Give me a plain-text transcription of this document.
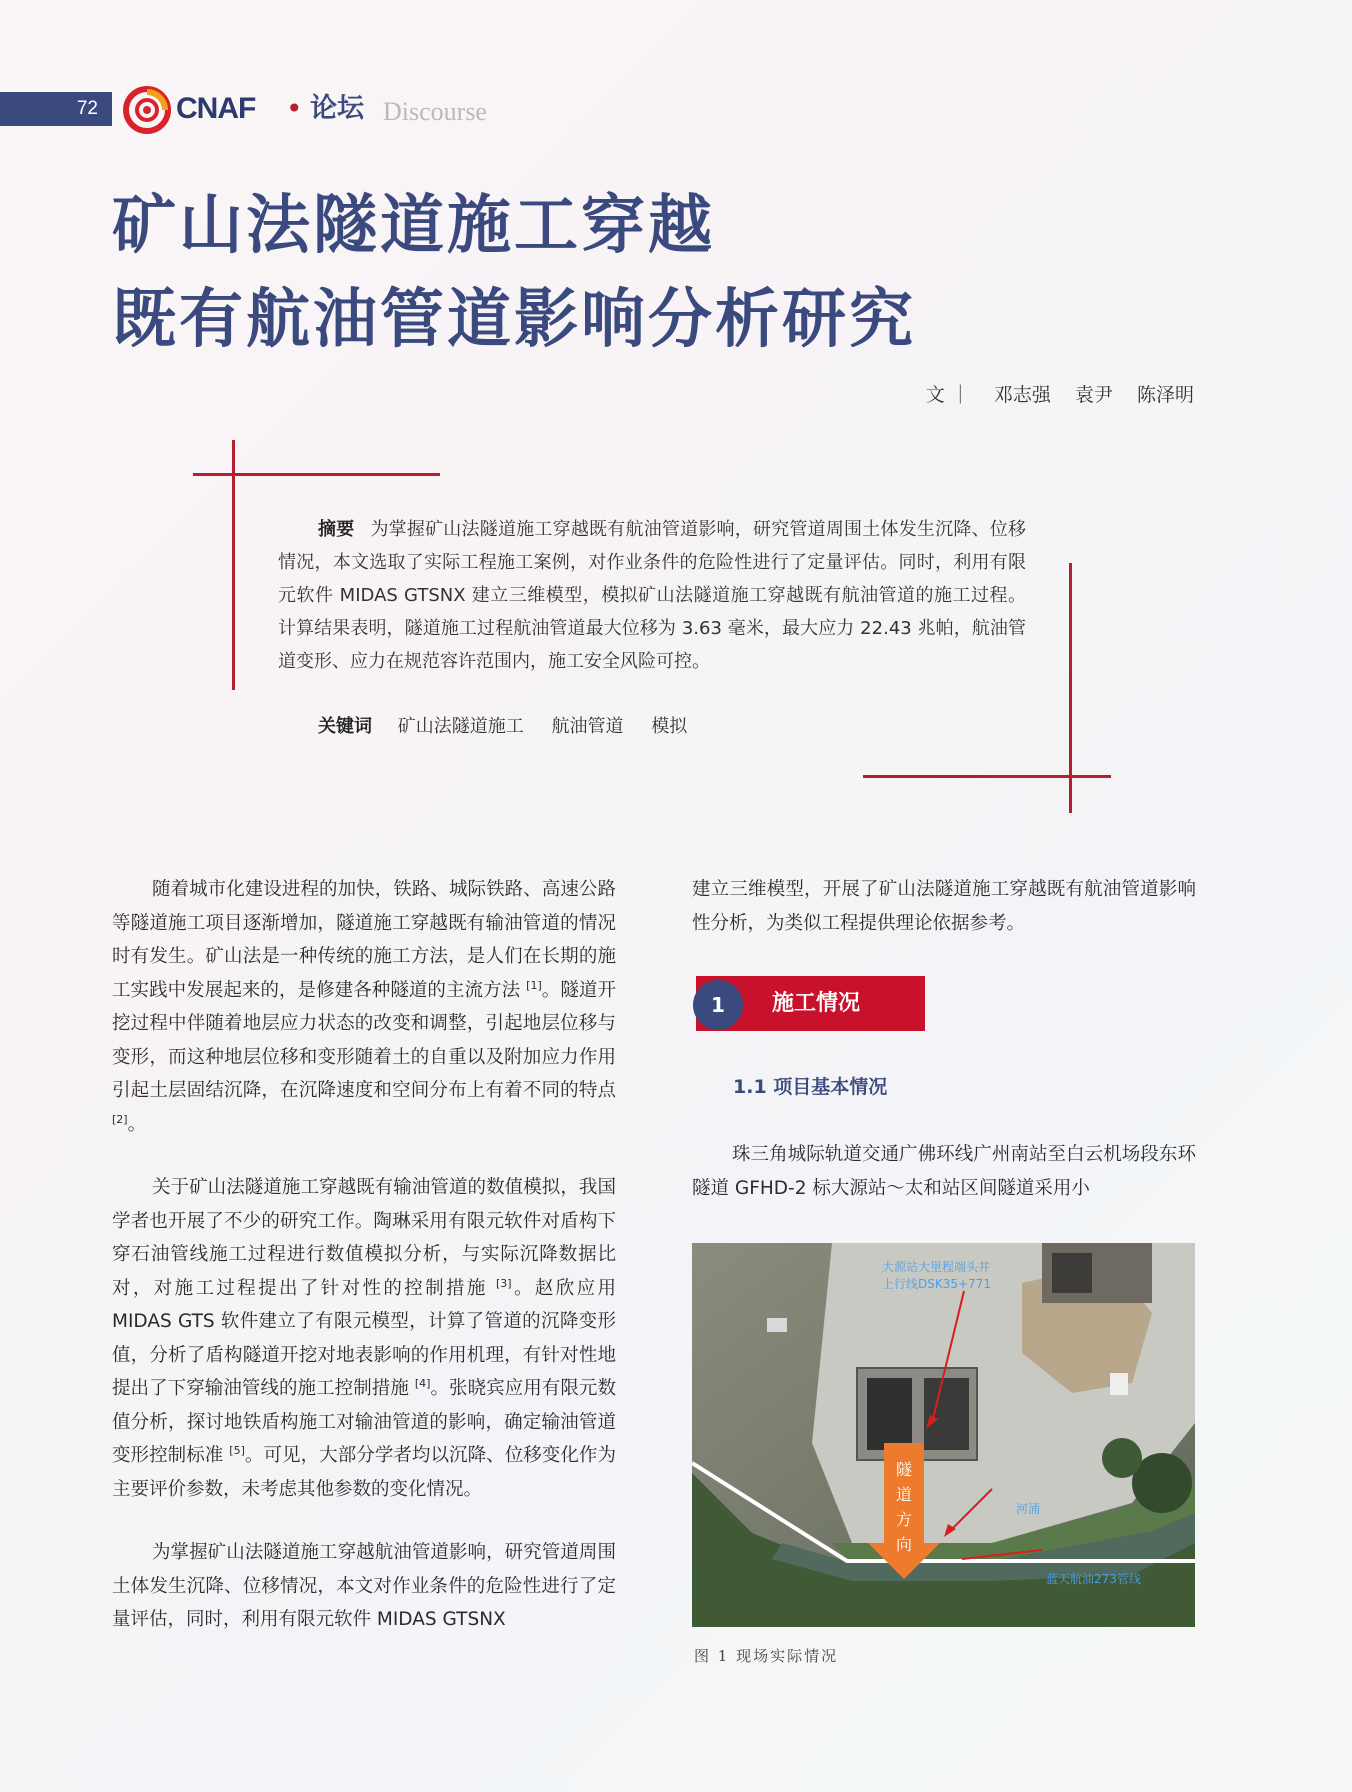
72	CNAF • 论坛 Discourse
矿山法隧道施工穿越
既有航油管道影响分析研究
文 ｜ 邓志强 袁尹 陈泽明
摘要 为掌握矿山法隧道施工穿越既有航油管道影响，研究管道周围土体发生沉降、位移情况，本文选取了实际工程施工案例，对作业条件的危险性进行了定量评估。同时，利用有限元软件 MIDAS GTSNX 建立三维模型，模拟矿山法隧道施工穿越既有航油管道的施工过程。计算结果表明，隧道施工过程航油管道最大位移为 3.63 毫米，最大应力 22.43 兆帕，航油管道变形、应力在规范容许范围内，施工安全风险可控。
关键词 矿山法隧道施工 航油管道 模拟

随着城市化建设进程的加快，铁路、城际铁路、高速公路等隧道施工项目逐渐增加，隧道施工穿越既有输油管道的情况时有发生。矿山法是一种传统的施工方法，是人们在长期的施工实践中发展起来的，是修建各种隧道的主流方法 [1]。隧道开挖过程中伴随着地层应力状态的改变和调整，引起地层位移与变形，而这种地层位移和变形随着土的自重以及附加应力作用引起土层固结沉降，在沉降速度和空间分布上有着不同的特点 [2]。

关于矿山法隧道施工穿越既有输油管道的数值模拟，我国学者也开展了不少的研究工作。陶琳采用有限元软件对盾构下穿石油管线施工过程进行数值模拟分析，与实际沉降数据比对，对施工过程提出了针对性的控制措施 [3]。赵欣应用 MIDAS GTS 软件建立了有限元模型，计算了管道的沉降变形值，分析了盾构隧道开挖对地表影响的作用机理，有针对性地提出了下穿输油管线的施工控制措施 [4]。张晓宾应用有限元数值分析，探讨地铁盾构施工对输油管道的影响，确定输油管道变形控制标准 [5]。可见，大部分学者均以沉降、位移变化作为主要评价参数，未考虑其他参数的变化情况。

为掌握矿山法隧道施工穿越航油管道影响，研究管道周围土体发生沉降、位移情况，本文对作业条件的危险性进行了定量评估，同时，利用有限元软件 MIDAS GTSNX

建立三维模型，开展了矿山法隧道施工穿越既有航油管道影响性分析，为类似工程提供理论依据参考。

1	施工情况
1.1 项目基本情况

珠三角城际轨道交通广佛环线广州南站至白云机场段东环隧道 GFHD-2 标大源站～太和站区间隧道采用小

大源站大里程端头井
上行线DSK35+771
河涌
蓝天航油273管线
隧
道
方
向
图 1 现场实际情况
